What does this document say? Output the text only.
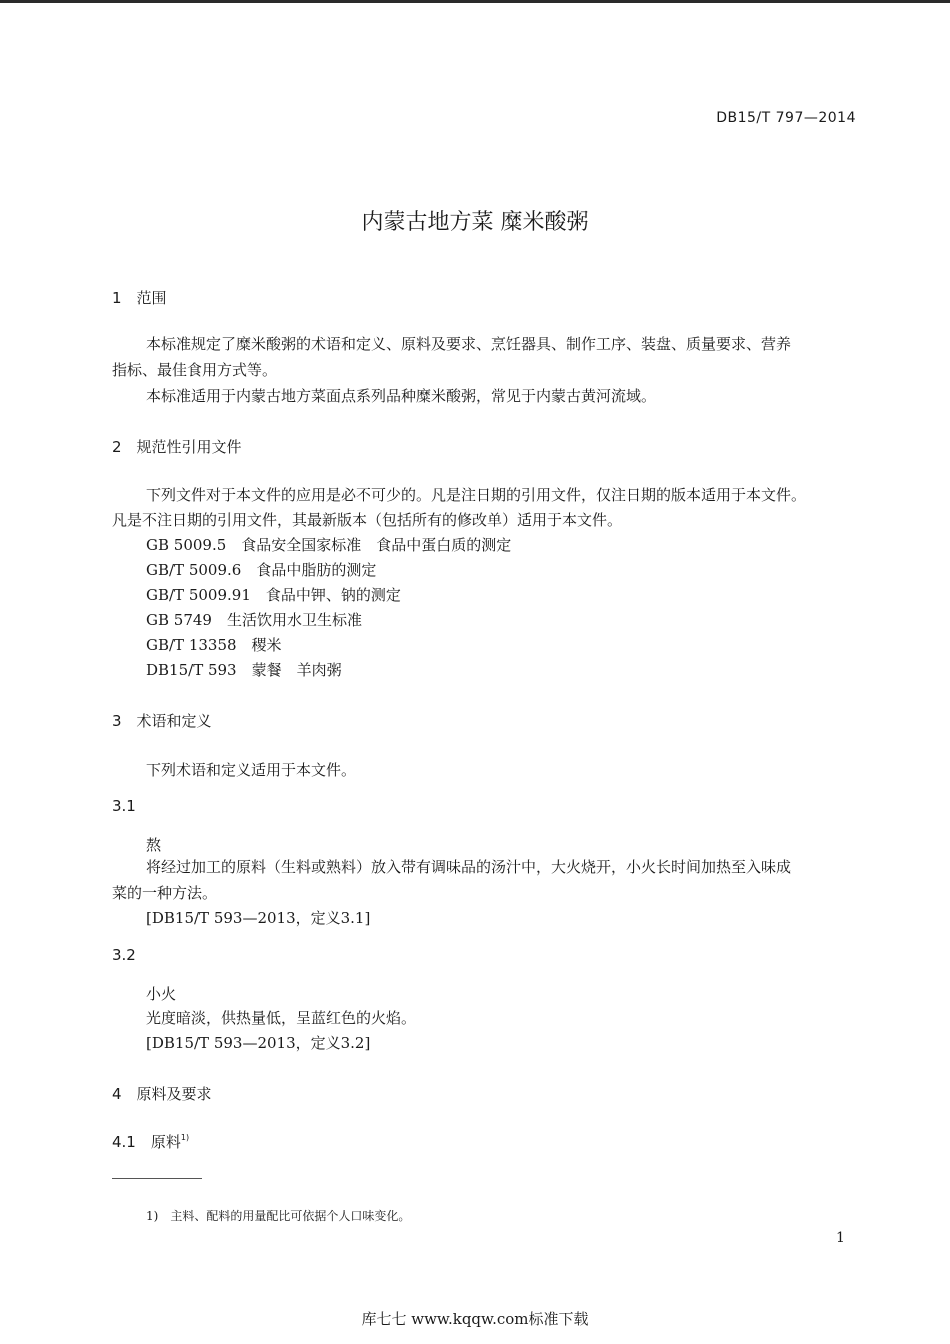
DB15/T 797—2014
内蒙古地方菜 糜米酸粥
1　范围
本标准规定了糜米酸粥的术语和定义、原料及要求、烹饪器具、制作工序、装盘、质量要求、营养
指标、最佳食用方式等。
本标准适用于内蒙古地方菜面点系列品种糜米酸粥，常见于内蒙古黄河流域。
2　规范性引用文件
下列文件对于本文件的应用是必不可少的。凡是注日期的引用文件，仅注日期的版本适用于本文件。
凡是不注日期的引用文件，其最新版本（包括所有的修改单）适用于本文件。
GB 5009.5　食品安全国家标准　食品中蛋白质的测定
GB/T 5009.6　食品中脂肪的测定
GB/T 5009.91　食品中钾、钠的测定
GB 5749　生活饮用水卫生标准
GB/T 13358　稷米
DB15/T 593　蒙餐　羊肉粥
3　术语和定义
下列术语和定义适用于本文件。
3.1
熬
将经过加工的原料（生料或熟料）放入带有调味品的汤汁中，大火烧开，小火长时间加热至入味成
菜的一种方法。
[DB15/T 593—2013，定义3.1]
3.2
小火
光度暗淡，供热量低，呈蓝红色的火焰。
[DB15/T 593—2013，定义3.2]
4　原料及要求
4.1　原料$^{1)}$
1)　主料、配料的用量配比可依据个人口味变化。
1
库七七 www.kqqw.com标准下载
